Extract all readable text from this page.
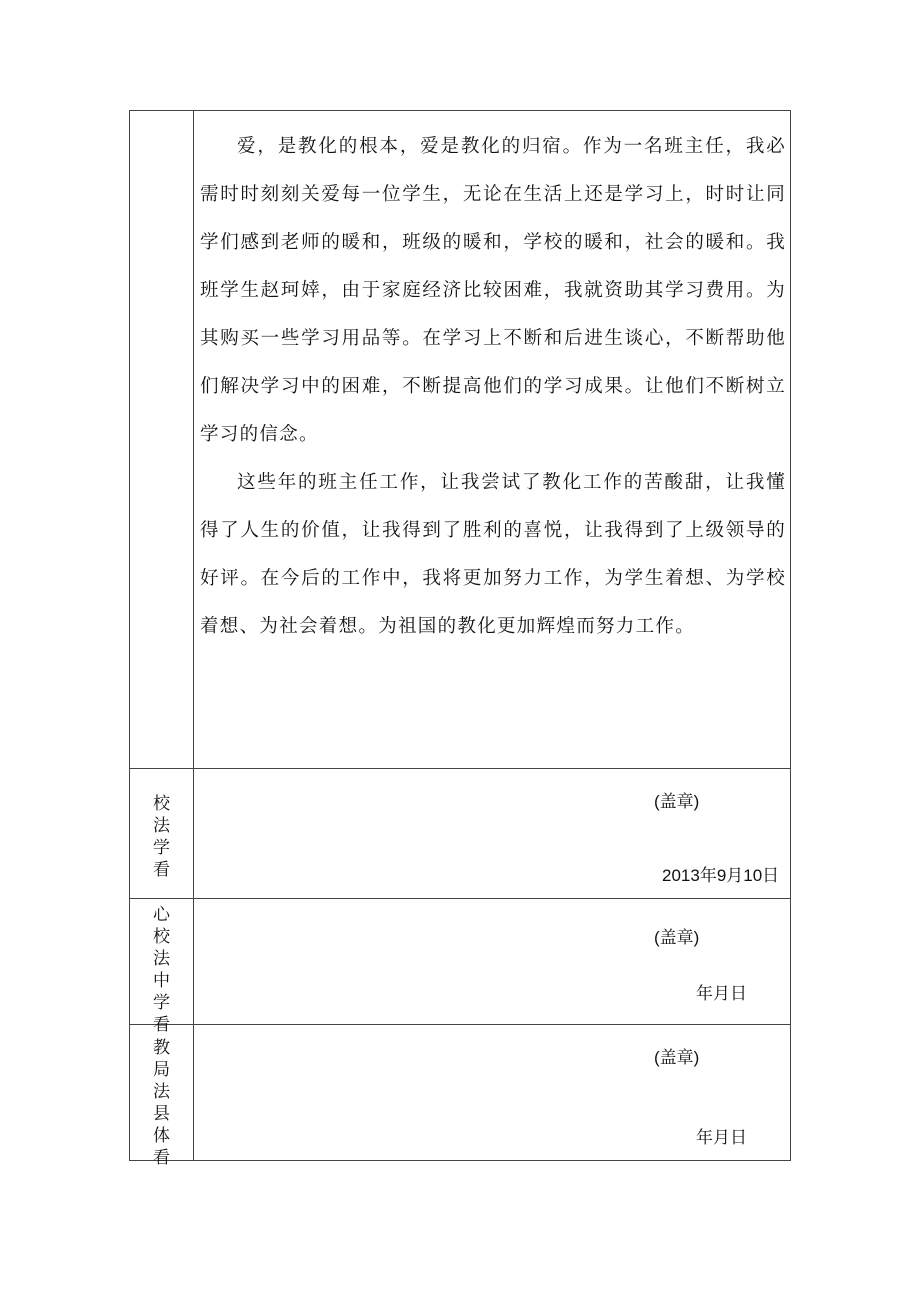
	爱，是教化的根本，爱是教化的归宿。作为一名班主任，我必需时时刻刻关爱每一位学生，无论在生活上还是学习上，时时让同学们感到老师的暖和，班级的暖和，学校的暖和，社会的暖和。我班学生赵珂婞，由于家庭经济比较困难，我就资助其学习费用。为其购买一些学习用品等。在学习上不断和后进生谈心，不断帮助他们解决学习中的困难，不断提高他们的学习成果。让他们不断树立学习的信念。

这些年的班主任工作，让我尝试了教化工作的苦酸甜，让我懂得了人生的价值，让我得到了胜利的喜悦，让我得到了上级领导的好评。在今后的工作中，我将更加努力工作，为学生着想、为学校着想、为社会着想。为祖国的教化更加辉煌而努力工作。

校法学看	(盖章)
2013年9月10日

心校法中学看	(盖章)
年月日

教局法县体看	(盖章)
年月日
